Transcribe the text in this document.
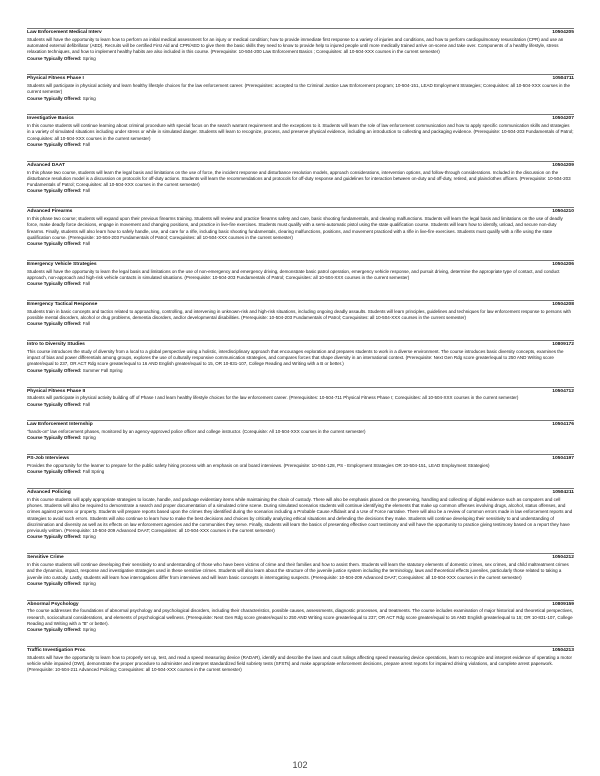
Law Enforcement Medical Interv	10504205
Students will have the opportunity to learn how to perform an initial medical assessment for an injury or medical condition; how to provide immediate first response to a variety of injuries and conditions, and how to perform cardiopulmonary resuscitation (CPR) and use an automated external defibrillator (AED). Recruits will be certified First Aid and CPR/AED to give them the basic skills they need to know to provide help to injured people until more medically trained arrive on-scene and take over. Components of a healthy lifestyle, stress relaxation techniques, and how to implement healthy habits are also included in this course. (Prerequisite: 10-504-200 Law Enforcement Basics ; Corequisites: all 10-504-XXX courses in the current semester)
Course Typically Offered: Spring
Physical Fitness Phase I	10504711
Students will participate in physical activity and learn healthy lifestyle choices for the law enforcement career. (Prerequisites: accepted to the Criminal Justice Law Enforcement program; 10-504-151, LEAD Employment Strategies; Corequisites: all 10-504-XXX courses in the current semester)
Course Typically Offered: Spring
Investigative Basics	10504207
In this course students will continue learning about criminal procedure with special focus on the search warrant requirement and the exceptions to it. Students will learn the role of law enforcement communication and how to apply specific communication skills and strategies in a variety of simulated situations including under stress or while in simulated danger. Students will learn to recognize, process, and preserve physical evidence, including an introduction to collecting and packaging evidence. (Prerequisite: 10-504-203 Fundamentals of Patrol; Corequisites: all 10-504-XXX courses in the current semester)
Course Typically Offered: Fall
Advanced DAAT	10504209
In this phase two course, students will learn the legal basis and limitations on the use of force, the incident response and disturbance resolution models, approach considerations, intervention options, and follow-through considerations. Included in the discussion on the disturbance resolution model is a discussion on protocols for off-duty actions. Students will learn the recommendations and protocols for off-duty response and guidelines for interaction between on-duty and off-duty, retired, and plainclothes officers. (Prerequisite: 10-504-203 Fundamentals of Patrol; Corequisites: all 10-504-XXX courses in the current semester)
Course Typically Offered: Fall
Advanced Firearms	10504210
In this phase two course; students will expand upon their previous firearms training. Students will review and practice firearms safety and care, basic shooting fundamentals, and clearing malfunctions. Students will learn the legal basis and limitations on the use of deadly force, make deadly force decisions, engage in movement and changing positions, and practice in live-fire exercises. Students must qualify with a semi-automatic pistol using the state qualification course. Students will learn how to identify, unload, and secure non-duty firearms. Finally, students will also learn how to safely handle, use, and care for a rifle, including basic shooting fundamentals, clearing malfunctions, positions, and movement practiced with a rifle in live-fire exercises. Students must qualify with a rifle using the state qualification course. (Prerequisite: 10-504-203 Fundamentals of Patrol; Corequisites: all 10-504-XXX courses in the current semester)
Course Typically Offered: Fall
Emergency Vehicle Strategies	10504206
Students will have the opportunity to learn the legal basis and limitations on the use of non-emergency and emergency driving, demonstrate basic patrol operation, emergency vehicle response, and pursuit driving, determine the appropriate type of contact, and conduct approach, non-approach and high-risk vehicle contacts in simulated situations. (Prerequisite: 10-504-203 Fundamentals of Patrol; Corequisites: all 10-504-XXX courses in the current semester)
Course Typically Offered: Fall
Emergency Tactical Response	10504208
Students train in basic concepts and tactics related to approaching, controlling, and intervening in unknown-risk and high-risk situations, including ongoing deadly assaults. Students will learn principles, guidelines and techniques for law enforcement response to persons with possible mental disorders, alcohol or drug problems, dementia disorders, and/or developmental disabilities. (Prerequisite: 10-504-203 Fundamentals of Patrol; Corequisites: all 10-504-XXX courses in the current semester)
Course Typically Offered: Fall
Intro to Diversity Studies	10809172
This course introduces the study of diversity from a local to a global perspective using a holistic, interdisciplinary approach that encourages exploration and prepares students to work in a diverse environment. The course introduces basic diversity concepts, examines the impact of bias and power differentials among groups, explores the use of culturally responsive communication strategies, and compares forces that shape diversity in an international context. (Prerequisite: Next Gen Rdg score greater/equal to 250 AND Writing score greater/equal to 237, OR ACT Rdg score greater/equal to 16 AND English greater/equal to 15, OR 10-831-107, College Reading and Writing with a B or better.)
Course Typically Offered: Summer Fall Spring
Physical Fitness Phase II	10504712
Students will participate in physical activity building off of Phase I and learn healthy lifestyle choices for the law enforcement career. (Prerequisites: 10-504-711 Physical Fitness Phase I; Corequisites: all 10-504-XXX courses in the current semester)
Course Typically Offered: Fall
Law Enforcement Internship	10504176
"hands-on" law enforcement phases, monitored by an agency-approved police officer and college instructor. (Corequisite: All 10-504-XXX courses in the current semester)
Course Typically Offered: Spring
PS-Job Interviews	10504197
Provides the opportunity for the learner to prepare for the public safety hiring process with an emphasis on oral board interviews. (Prerequisite: 10-504-128, PS - Employment Strategies OR 10-504-151, LEAD Employment Strategies)
Course Typically Offered: Fall Spring
Advanced Policing	10504211
In this course students will apply appropriate strategies to locate, handle, and package evidentiary items while maintaining the chain of custody. There will also be emphasis placed on the preserving, handling and collecting of digital evidence such as computers and cell phones. Students will also be required to demonstrate a search and proper documentation of a simulated crime scene. During simulated scenarios students will continue identifying the elements that make up common offenses involving drugs, alcohol, status offenses, and crimes against persons or property. Students will prepare reports based upon the crimes they identified during the scenarios including a Probable Cause Affidavit and a Use of Force narrative. There will also be a review of common errors made in law enforcement reports and strategies to avoid such errors. Students will also continue to learn how to make the best decisions and choices by critically analyzing ethical situations and defending the decisions they make. Students will continue developing their sensitivity to and understanding of discrimination and diversity as well as its effects on law enforcement agencies and the communities they serve. Finally, students will learn the basics of presenting effective court testimony and will have the opportunity to practice giving testimony based on a report they have previously written. (Prerequisite: 10-504-209 Advanced DAAT; Corequisites: all 10-504-XXX courses in the current semester)
Course Typically Offered: Spring
Sensitive Crime	10504212
In this course students will continue developing their sensitivity to and understanding of those who have been victims of crime and their families and how to assist them. Students will learn the statutory elements of domestic crimes, sex crimes, and child maltreatment crimes and the dynamics, impact, response and investigative strategies used in these sensitive crimes. Students will also learn about the structure of the juvenile justice system including the terminology, laws and theoretical effects juveniles, particularly those related to taking a juvenile into custody. Lastly, students will learn how interrogations differ from interviews and will learn basic concepts in interrogating suspects. (Prerequisite: 10-504-209 Advanced DAAT; Corequisites: all 10-504-XXX courses in the current semester)
Course Typically Offered: Spring
Abnormal Psychology	10809159
The course addresses the foundations of abnormal psychology and psychological disorders, including their characteristics, possible causes, assessments, diagnostic processes, and treatments. The course includes examination of major historical and theoretical perspectives, research, sociocultural considerations, and elements of psychological wellness. (Prerequisite: Next Gen Rdg score greater/equal to 250 AND Writing score greater/equal to 237; OR ACT Rdg score greater/equal to 16 AND English greater/equal to 15; OR 10-831-107, College Reading and Writing with a "B" or better).
Course Typically Offered: Spring
Traffic Investigation Proc	10504213
Students will have the opportunity to learn how to properly set up, test, and read a speed measuring device (RADAR), identify and describe the laws and court rulings affecting speed measuring device operations, learn to recognize and interpret evidence of operating a motor vehicle while impaired (OWI), demonstrate the proper procedure to administer and interpret standardized field sobriety tests (SFSTs) and make appropriate enforcement decisions, prepare arrest reports for impaired driving violations, and complete arrest paperwork. (Prerequisite: 10-504-211 Advanced Policing; Corequisites: all 10-504-XXX courses in the current semester)
102
